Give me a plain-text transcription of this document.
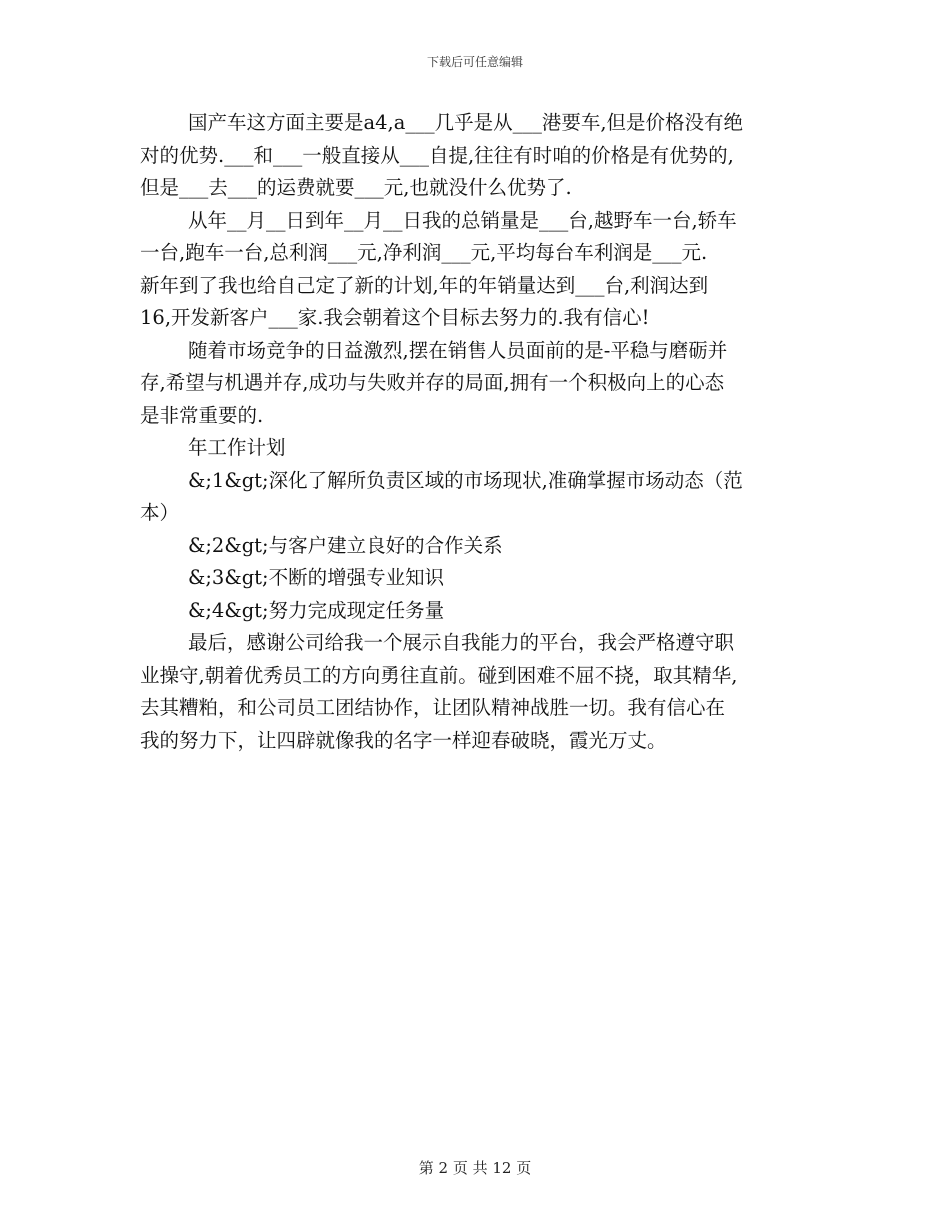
下载后可任意编辑

国产车这方面主要是a4,a___几乎是从___港要车,但是价格没有绝

对的优势.___和___一般直接从___自提,往往有时咱的价格是有优势的,

但是___去___的运费就要___元,也就没什么优势了.

从年__月__日到年__月__日我的总销量是___台,越野车一台,轿车

一台,跑车一台,总利润___元,净利润___元,平均每台车利润是___元.

新年到了我也给自己定了新的计划,年的年销量达到___台,利润达到

16,开发新客户___家.我会朝着这个目标去努力的.我有信心!

随着市场竞争的日益激烈,摆在销售人员面前的是-平稳与磨砺并

存,希望与机遇并存,成功与失败并存的局面,拥有一个积极向上的心态

是非常重要的.

年工作计划

&;1&gt;深化了解所负责区域的市场现状,准确掌握市场动态（范

本）

&;2&gt;与客户建立良好的合作关系

&;3&gt;不断的增强专业知识

&;4&gt;努力完成现定任务量

最后，感谢公司给我一个展示自我能力的平台，我会严格遵守职

业操守,朝着优秀员工的方向勇往直前。碰到困难不屈不挠，取其精华,

去其糟粕，和公司员工团结协作，让团队精神战胜一切。我有信心在

我的努力下，让四辟就像我的名字一样迎春破晓，霞光万丈。

第 2 页 共 12 页
